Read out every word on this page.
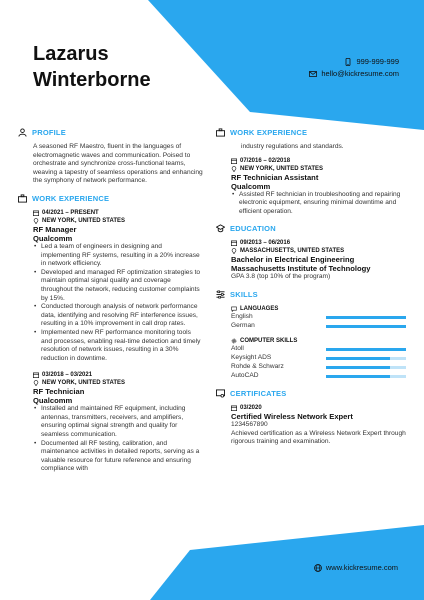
Lazarus
Winterborne
999-999-999
hello@kickresume.com
PROFILE
A seasoned RF Maestro, fluent in the languages of electromagnetic waves and communication. Poised to orchestrate and synchronize cross-functional teams, weaving a tapestry of seamless operations and enhancing the symphony of network performance.
WORK EXPERIENCE
04/2021 – PRESENT
NEW YORK, UNITED STATES
RF Manager
Qualcomm
• Led a team of engineers in designing and implementing RF systems, resulting in a 20% increase in network efficiency.
• Developed and managed RF optimization strategies to maintain optimal signal quality and coverage throughout the network, reducing customer complaints by 15%.
• Conducted thorough analysis of network performance data, identifying and resolving RF interference issues, resulting in a 10% improvement in call drop rates.
• Implemented new RF performance monitoring tools and processes, enabling real-time detection and timely resolution of network issues, resulting in a 30% reduction in downtime.
03/2018 – 03/2021
NEW YORK, UNITED STATES
RF Technician
Qualcomm
• Installed and maintained RF equipment, including antennas, transmitters, receivers, and amplifiers, ensuring optimal signal strength and quality for seamless communication.
• Documented all RF testing, calibration, and maintenance activities in detailed reports, serving as a valuable resource for future reference and ensuring compliance with
WORK EXPERIENCE
industry regulations and standards.
07/2016 – 02/2018
NEW YORK, UNITED STATES
RF Technician Assistant
Qualcomm
• Assisted RF technician in troubleshooting and repairing electronic equipment, ensuring minimal downtime and efficient operation.
EDUCATION
09/2013 – 06/2016
MASSACHUSETTS, UNITED STATES
Bachelor in Electrical Engineering
Massachusetts Institute of Technology
GPA 3.8 (top 10% of the program)
SKILLS
LANGUAGES
English
German
COMPUTER SKILLS
Atoll
Keysight ADS
Rohde & Schwarz
AutoCAD
CERTIFICATES
03/2020
Certified Wireless Network Expert
1234567890
Achieved certification as a Wireless Network Expert through rigorous training and examination.
www.kickresume.com
